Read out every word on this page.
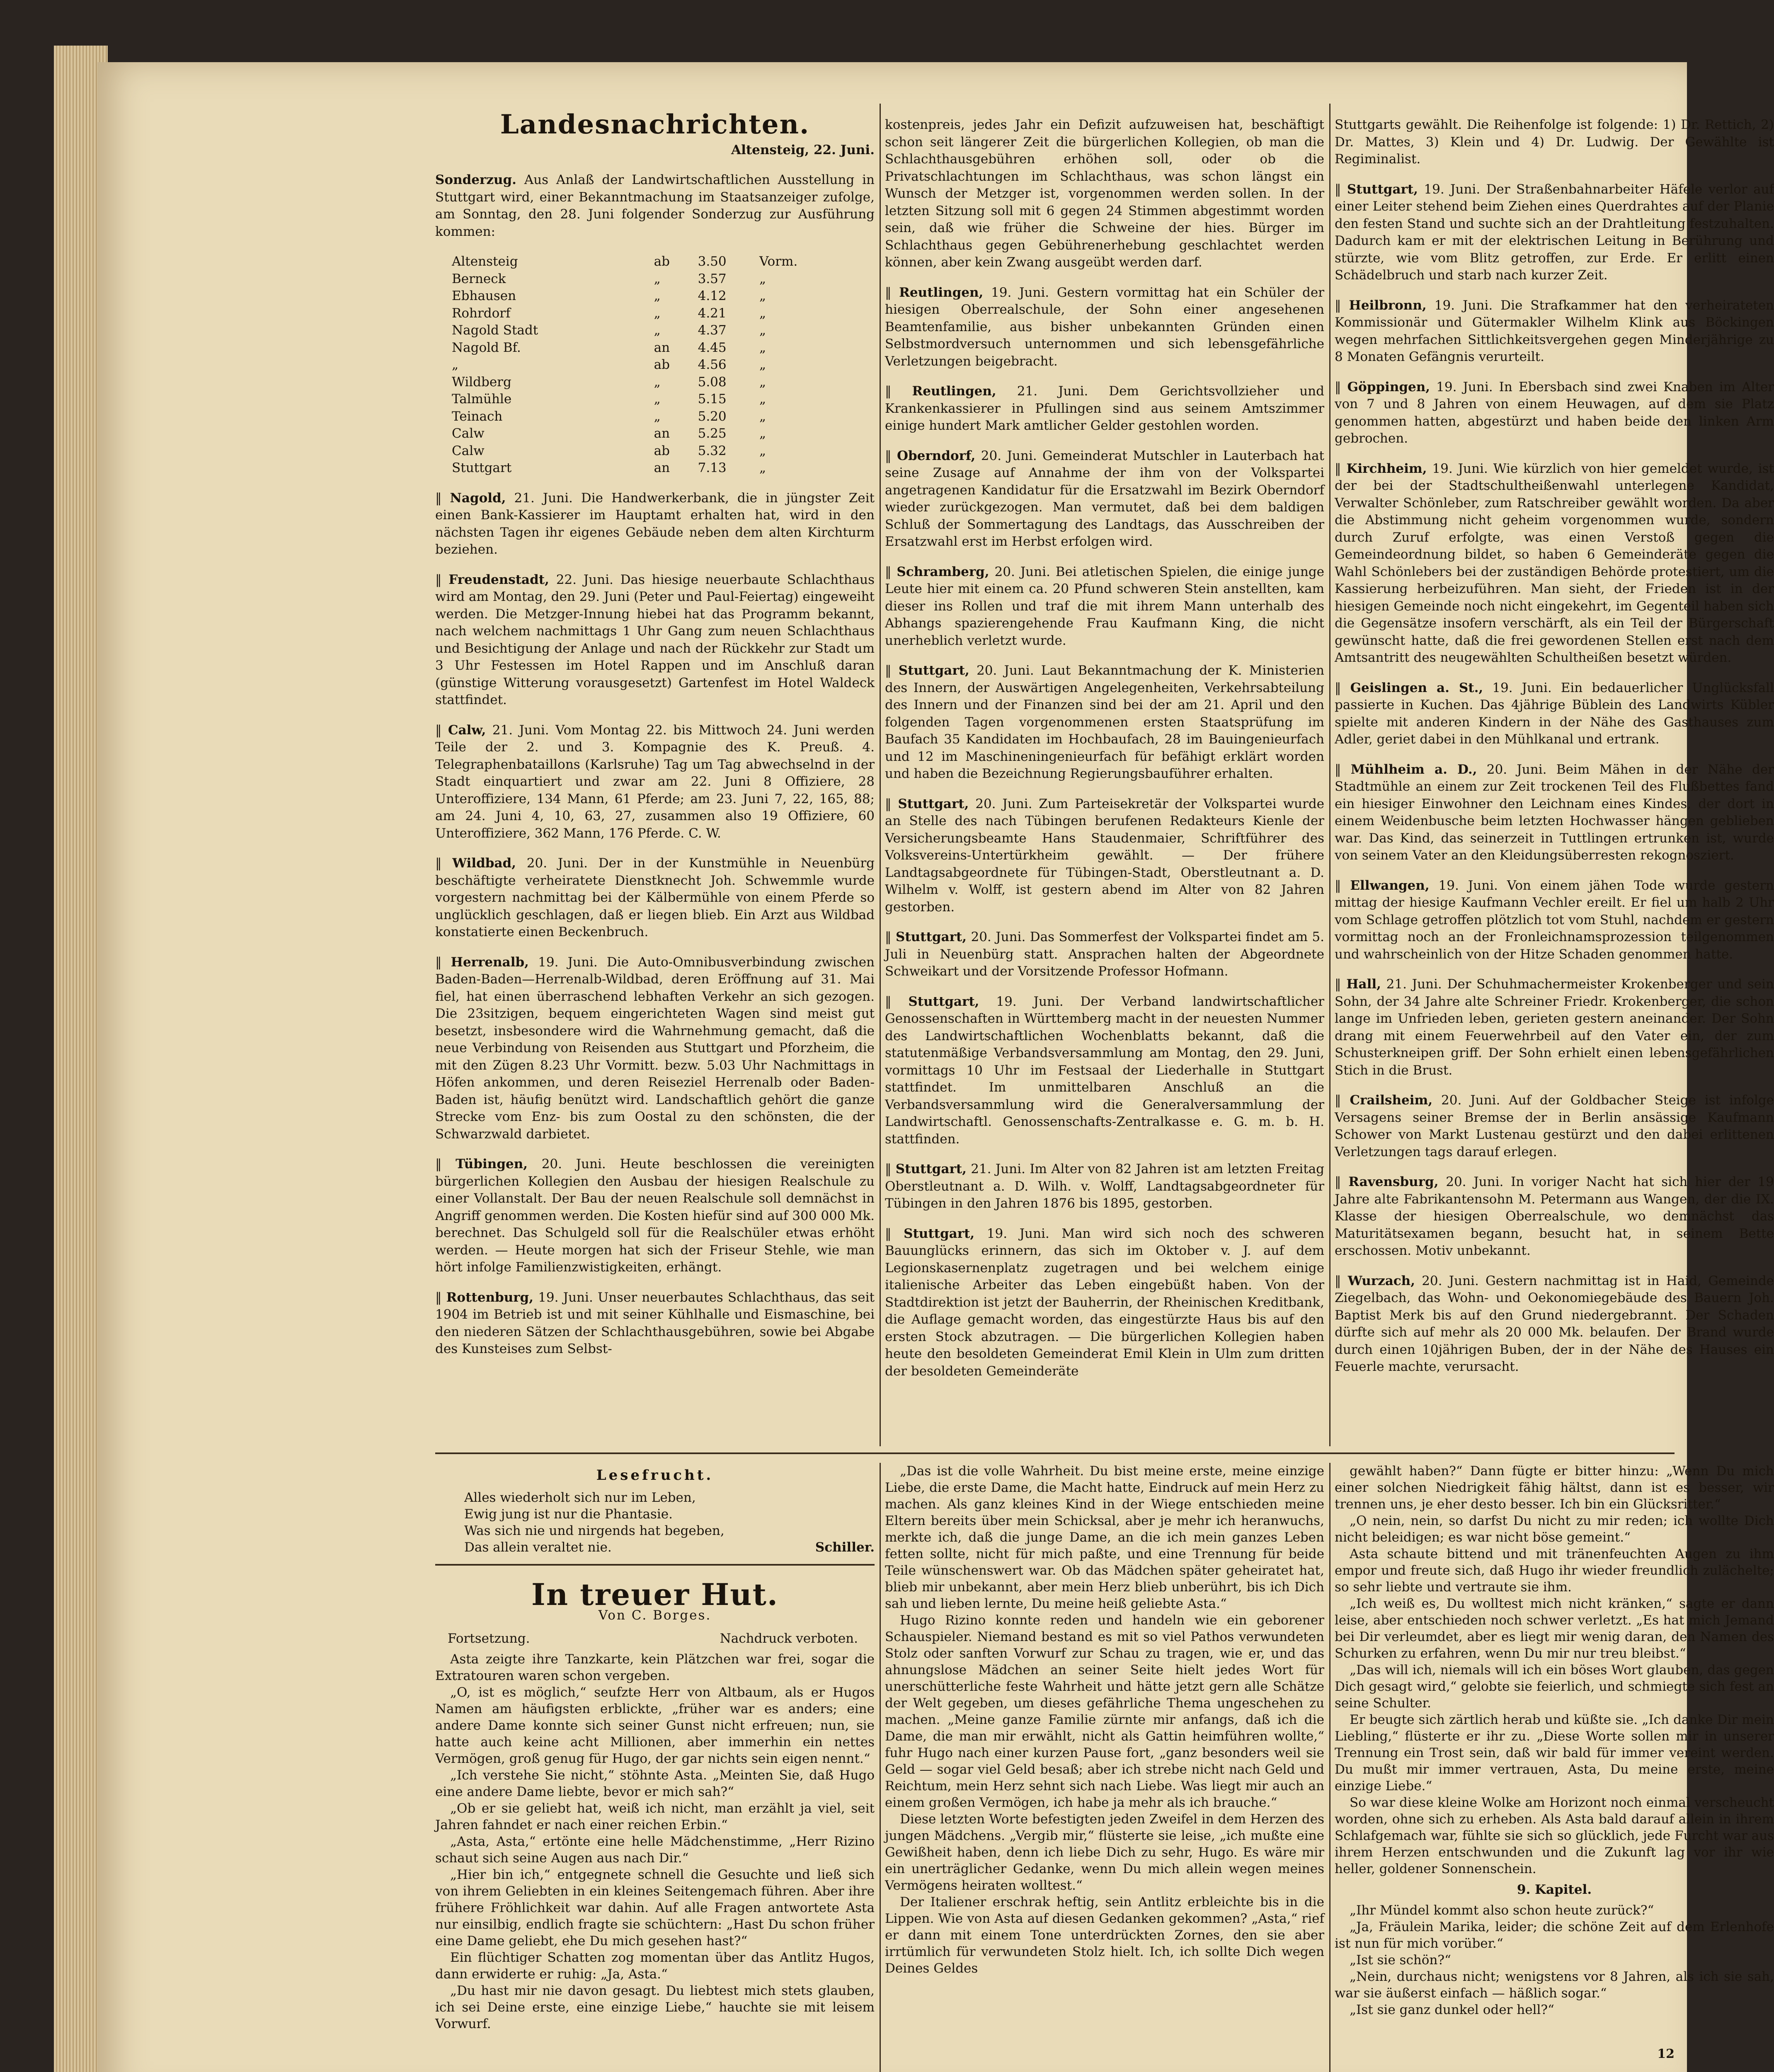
Landesnachrichten.
Altensteig, 22. Juni.

Sonderzug. Aus Anlaß der Landwirtschaftlichen Ausstellung in Stuttgart wird, einer Bekanntmachung im Staatsanzeiger zufolge, am Sonntag, den 28. Juni folgender Sonderzug zur Ausführung kommen:

Altensteig	ab	3.50	Vorm.
Berneck	„	3.57	„
Ebhausen	„	4.12	„
Rohrdorf	„	4.21	„
Nagold Stadt	„	4.37	„
Nagold Bf.	an	4.45	„
„	ab	4.56	„
Wildberg	„	5.08	„
Talmühle	„	5.15	„
Teinach	„	5.20	„
Calw	an	5.25	„
Calw	ab	5.32	„
Stuttgart	an	7.13	„

‖ Nagold, 21. Juni. Die Handwerkerbank, die in jüngster Zeit einen Bank-Kassierer im Hauptamt erhalten hat, wird in den nächsten Tagen ihr eigenes Gebäude neben dem alten Kirchturm beziehen.

‖ Freudenstadt, 22. Juni. Das hiesige neuerbaute Schlachthaus wird am Montag, den 29. Juni (Peter und Paul-Feiertag) eingeweiht werden. Die Metzger-Innung hiebei hat das Programm bekannt, nach welchem nachmittags 1 Uhr Gang zum neuen Schlachthaus und Besichtigung der Anlage und nach der Rückkehr zur Stadt um 3 Uhr Festessen im Hotel Rappen und im Anschluß daran (günstige Witterung vorausgesetzt) Gartenfest im Hotel Waldeck stattfindet.

‖ Calw, 21. Juni. Vom Montag 22. bis Mittwoch 24. Juni werden Teile der 2. und 3. Kompagnie des K. Preuß. 4. Telegraphenbataillons (Karlsruhe) Tag um Tag abwechselnd in der Stadt einquartiert und zwar am 22. Juni 8 Offiziere, 28 Unteroffiziere, 134 Mann, 61 Pferde; am 23. Juni 7, 22, 165, 88; am 24. Juni 4, 10, 63, 27, zusammen also 19 Offiziere, 60 Unteroffiziere, 362 Mann, 176 Pferde. C. W.

‖ Wildbad, 20. Juni. Der in der Kunstmühle in Neuenbürg beschäftigte verheiratete Dienstknecht Joh. Schwemmle wurde vorgestern nachmittag bei der Kälbermühle von einem Pferde so unglücklich geschlagen, daß er liegen blieb. Ein Arzt aus Wildbad konstatierte einen Beckenbruch.

‖ Herrenalb, 19. Juni. Die Auto-Omnibusverbindung zwischen Baden-Baden—Herrenalb-Wildbad, deren Eröffnung auf 31. Mai fiel, hat einen überraschend lebhaften Verkehr an sich gezogen. Die 23sitzigen, bequem eingerichteten Wagen sind meist gut besetzt, insbesondere wird die Wahrnehmung gemacht, daß die neue Verbindung von Reisenden aus Stuttgart und Pforzheim, die mit den Zügen 8.23 Uhr Vormitt. bezw. 5.03 Uhr Nachmittags in Höfen ankommen, und deren Reiseziel Herrenalb oder Baden-Baden ist, häufig benützt wird. Landschaftlich gehört die ganze Strecke vom Enz- bis zum Oostal zu den schönsten, die der Schwarzwald darbietet.

‖ Tübingen, 20. Juni. Heute beschlossen die vereinigten bürgerlichen Kollegien den Ausbau der hiesigen Realschule zu einer Vollanstalt. Der Bau der neuen Realschule soll demnächst in Angriff genommen werden. Die Kosten hiefür sind auf 300 000 Mk. berechnet. Das Schulgeld soll für die Realschüler etwas erhöht werden. — Heute morgen hat sich der Friseur Stehle, wie man hört infolge Familienzwistigkeiten, erhängt.

‖ Rottenburg, 19. Juni. Unser neuerbautes Schlachthaus, das seit 1904 im Betrieb ist und mit seiner Kühlhalle und Eismaschine, bei den niederen Sätzen der Schlachthausgebühren, sowie bei Abgabe des Kunsteises zum Selbst-

kostenpreis, jedes Jahr ein Defizit aufzuweisen hat, beschäftigt schon seit längerer Zeit die bürgerlichen Kollegien, ob man die Schlachthausgebühren erhöhen soll, oder ob die Privatschlachtungen im Schlachthaus, was schon längst ein Wunsch der Metzger ist, vorgenommen werden sollen. In der letzten Sitzung soll mit 6 gegen 24 Stimmen abgestimmt worden sein, daß wie früher die Schweine der hies. Bürger im Schlachthaus gegen Gebührenerhebung geschlachtet werden können, aber kein Zwang ausgeübt werden darf.

‖ Reutlingen, 19. Juni. Gestern vormittag hat ein Schüler der hiesigen Oberrealschule, der Sohn einer angesehenen Beamtenfamilie, aus bisher unbekannten Gründen einen Selbstmordversuch unternommen und sich lebensgefährliche Verletzungen beigebracht.

‖ Reutlingen, 21. Juni. Dem Gerichtsvollzieher und Krankenkassierer in Pfullingen sind aus seinem Amtszimmer einige hundert Mark amtlicher Gelder gestohlen worden.

‖ Oberndorf, 20. Juni. Gemeinderat Mutschler in Lauterbach hat seine Zusage auf Annahme der ihm von der Volkspartei angetragenen Kandidatur für die Ersatzwahl im Bezirk Oberndorf wieder zurückgezogen. Man vermutet, daß bei dem baldigen Schluß der Sommertagung des Landtags, das Ausschreiben der Ersatzwahl erst im Herbst erfolgen wird.

‖ Schramberg, 20. Juni. Bei atletischen Spielen, die einige junge Leute hier mit einem ca. 20 Pfund schweren Stein anstellten, kam dieser ins Rollen und traf die mit ihrem Mann unterhalb des Abhangs spazierengehende Frau Kaufmann King, die nicht unerheblich verletzt wurde.

‖ Stuttgart, 20. Juni. Laut Bekanntmachung der K. Ministerien des Innern, der Auswärtigen Angelegenheiten, Verkehrsabteilung des Innern und der Finanzen sind bei der am 21. April und den folgenden Tagen vorgenommenen ersten Staatsprüfung im Baufach 35 Kandidaten im Hochbaufach, 28 im Bauingenieurfach und 12 im Maschineningenieurfach für befähigt erklärt worden und haben die Bezeichnung Regierungsbauführer erhalten.

‖ Stuttgart, 20. Juni. Zum Parteisekretär der Volkspartei wurde an Stelle des nach Tübingen berufenen Redakteurs Kienle der Versicherungsbeamte Hans Staudenmaier, Schriftführer des Volksvereins-Untertürkheim gewählt. — Der frühere Landtagsabgeordnete für Tübingen-Stadt, Oberstleutnant a. D. Wilhelm v. Wolff, ist gestern abend im Alter von 82 Jahren gestorben.

‖ Stuttgart, 20. Juni. Das Sommerfest der Volkspartei findet am 5. Juli in Neuenbürg statt. Ansprachen halten der Abgeordnete Schweikart und der Vorsitzende Professor Hofmann.

‖ Stuttgart, 19. Juni. Der Verband landwirtschaftlicher Genossenschaften in Württemberg macht in der neuesten Nummer des Landwirtschaftlichen Wochenblatts bekannt, daß die statutenmäßige Verbandsversammlung am Montag, den 29. Juni, vormittags 10 Uhr im Festsaal der Liederhalle in Stuttgart stattfindet. Im unmittelbaren Anschluß an die Verbandsversammlung wird die Generalversammlung der Landwirtschaftl. Genossenschafts-Zentralkasse e. G. m. b. H. stattfinden.

‖ Stuttgart, 21. Juni. Im Alter von 82 Jahren ist am letzten Freitag Oberstleutnant a. D. Wilh. v. Wolff, Landtagsabgeordneter für Tübingen in den Jahren 1876 bis 1895, gestorben.

‖ Stuttgart, 19. Juni. Man wird sich noch des schweren Bauunglücks erinnern, das sich im Oktober v. J. auf dem Legionskasernenplatz zugetragen und bei welchem einige italienische Arbeiter das Leben eingebüßt haben. Von der Stadtdirektion ist jetzt der Bauherrin, der Rheinischen Kreditbank, die Auflage gemacht worden, das eingestürzte Haus bis auf den ersten Stock abzutragen. — Die bürgerlichen Kollegien haben heute den besoldeten Gemeinderat Emil Klein in Ulm zum dritten der besoldeten Gemeinderäte

Stuttgarts gewählt. Die Reihenfolge ist folgende: 1) Dr. Rettich, 2) Dr. Mattes, 3) Klein und 4) Dr. Ludwig. Der Gewählte ist Regiminalist.

‖ Stuttgart, 19. Juni. Der Straßenbahnarbeiter Häfele verlor auf einer Leiter stehend beim Ziehen eines Querdrahtes auf der Planie den festen Stand und suchte sich an der Drahtleitung festzuhalten. Dadurch kam er mit der elektrischen Leitung in Berührung und stürzte, wie vom Blitz getroffen, zur Erde. Er erlitt einen Schädelbruch und starb nach kurzer Zeit.

‖ Heilbronn, 19. Juni. Die Strafkammer hat den verheirateten Kommissionär und Gütermakler Wilhelm Klink aus Böckingen wegen mehrfachen Sittlichkeitsvergehen gegen Minderjährige zu 8 Monaten Gefängnis verurteilt.

‖ Göppingen, 19. Juni. In Ebersbach sind zwei Knaben im Alter von 7 und 8 Jahren von einem Heuwagen, auf dem sie Platz genommen hatten, abgestürzt und haben beide den linken Arm gebrochen.

‖ Kirchheim, 19. Juni. Wie kürzlich von hier gemeldet wurde, ist der bei der Stadtschultheißenwahl unterlegene Kandidat, Verwalter Schönleber, zum Ratschreiber gewählt worden. Da aber die Abstimmung nicht geheim vorgenommen wurde, sondern durch Zuruf erfolgte, was einen Verstoß gegen die Gemeindeordnung bildet, so haben 6 Gemeinderäte gegen die Wahl Schönlebers bei der zuständigen Behörde protestiert, um die Kassierung herbeizuführen. Man sieht, der Frieden ist in der hiesigen Gemeinde noch nicht eingekehrt, im Gegenteil haben sich die Gegensätze insofern verschärft, als ein Teil der Bürgerschaft gewünscht hatte, daß die frei gewordenen Stellen erst nach dem Amtsantritt des neugewählten Schultheißen besetzt würden.

‖ Geislingen a. St., 19. Juni. Ein bedauerlicher Unglücksfall passierte in Kuchen. Das 4jährige Büblein des Landwirts Kübler spielte mit anderen Kindern in der Nähe des Gasthauses zum Adler, geriet dabei in den Mühlkanal und ertrank.

‖ Mühlheim a. D., 20. Juni. Beim Mähen in der Nähe der Stadtmühle an einem zur Zeit trockenen Teil des Flußbettes fand ein hiesiger Einwohner den Leichnam eines Kindes, der dort in einem Weidenbusche beim letzten Hochwasser hängen geblieben war. Das Kind, das seinerzeit in Tuttlingen ertrunken ist, wurde von seinem Vater an den Kleidungsüberresten rekognosziert.

‖ Ellwangen, 19. Juni. Von einem jähen Tode wurde gestern mittag der hiesige Kaufmann Vechler ereilt. Er fiel um halb 2 Uhr vom Schlage getroffen plötzlich tot vom Stuhl, nachdem er gestern vormittag noch an der Fronleichnamsprozession teilgenommen und wahrscheinlich von der Hitze Schaden genommen hatte.

‖ Hall, 21. Juni. Der Schuhmachermeister Krokenberger und sein Sohn, der 34 Jahre alte Schreiner Friedr. Krokenberger, die schon lange im Unfrieden leben, gerieten gestern aneinander. Der Sohn drang mit einem Feuerwehrbeil auf den Vater ein, der zum Schusterkneipen griff. Der Sohn erhielt einen lebensgefährlichen Stich in die Brust.

‖ Crailsheim, 20. Juni. Auf der Goldbacher Steige ist infolge Versagens seiner Bremse der in Berlin ansässige Kaufmann Schower von Markt Lustenau gestürzt und den dabei erlittenen Verletzungen tags darauf erlegen.

‖ Ravensburg, 20. Juni. In voriger Nacht hat sich hier der 19 Jahre alte Fabrikantensohn M. Petermann aus Wangen, der die IX. Klasse der hiesigen Oberrealschule, wo demnächst das Maturitätsexamen begann, besucht hat, in seinem Bette erschossen. Motiv unbekannt.

‖ Wurzach, 20. Juni. Gestern nachmittag ist in Haid, Gemeinde Ziegelbach, das Wohn- und Oekonomiegebäude des Bauern Joh. Baptist Merk bis auf den Grund niedergebrannt. Der Schaden dürfte sich auf mehr als 20 000 Mk. belaufen. Der Brand wurde durch einen 10jährigen Buben, der in der Nähe des Hauses ein Feuerle machte, verursacht.

Lesefrucht.
Alles wiederholt sich nur im Leben,
Ewig jung ist nur die Phantasie.
Was sich nie und nirgends hat begeben,
Das allein veraltet nie.	Schiller.
In treuer Hut.
Von C. Borges.
Fortsetzung.	Nachdruck verboten.

Asta zeigte ihre Tanzkarte, kein Plätzchen war frei, sogar die Extratouren waren schon vergeben.

„O, ist es möglich,“ seufzte Herr von Altbaum, als er Hugos Namen am häufigsten erblickte, „früher war es anders; eine andere Dame konnte sich seiner Gunst nicht erfreuen; nun, sie hatte auch keine acht Millionen, aber immerhin ein nettes Vermögen, groß genug für Hugo, der gar nichts sein eigen nennt.“

„Ich verstehe Sie nicht,“ stöhnte Asta. „Meinten Sie, daß Hugo eine andere Dame liebte, bevor er mich sah?“

„Ob er sie geliebt hat, weiß ich nicht, man erzählt ja viel, seit Jahren fahndet er nach einer reichen Erbin.“

„Asta, Asta,“ ertönte eine helle Mädchenstimme, „Herr Rizino schaut sich seine Augen aus nach Dir.“

„Hier bin ich,“ entgegnete schnell die Gesuchte und ließ sich von ihrem Geliebten in ein kleines Seitengemach führen. Aber ihre frühere Fröhlichkeit war dahin. Auf alle Fragen antwortete Asta nur einsilbig, endlich fragte sie schüchtern: „Hast Du schon früher eine Dame geliebt, ehe Du mich gesehen hast?“

Ein flüchtiger Schatten zog momentan über das Antlitz Hugos, dann erwiderte er ruhig: „Ja, Asta.“

„Du hast mir nie davon gesagt. Du liebtest mich stets glauben, ich sei Deine erste, eine einzige Liebe,“ hauchte sie mit leisem Vorwurf.

„Das ist die volle Wahrheit. Du bist meine erste, meine einzige Liebe, die erste Dame, die Macht hatte, Eindruck auf mein Herz zu machen. Als ganz kleines Kind in der Wiege entschieden meine Eltern bereits über mein Schicksal, aber je mehr ich heranwuchs, merkte ich, daß die junge Dame, an die ich mein ganzes Leben fetten sollte, nicht für mich paßte, und eine Trennung für beide Teile wünschenswert war. Ob das Mädchen später geheiratet hat, blieb mir unbekannt, aber mein Herz blieb unberührt, bis ich Dich sah und lieben lernte, Du meine heiß geliebte Asta.“

Hugo Rizino konnte reden und handeln wie ein geborener Schauspieler. Niemand bestand es mit so viel Pathos verwundeten Stolz oder sanften Vorwurf zur Schau zu tragen, wie er, und das ahnungslose Mädchen an seiner Seite hielt jedes Wort für unerschütterliche feste Wahrheit und hätte jetzt gern alle Schätze der Welt gegeben, um dieses gefährliche Thema ungeschehen zu machen. „Meine ganze Familie zürnte mir anfangs, daß ich die Dame, die man mir erwählt, nicht als Gattin heimführen wollte,“ fuhr Hugo nach einer kurzen Pause fort, „ganz besonders weil sie Geld — sogar viel Geld besaß; aber ich strebe nicht nach Geld und Reichtum, mein Herz sehnt sich nach Liebe. Was liegt mir auch an einem großen Vermögen, ich habe ja mehr als ich brauche.“

Diese letzten Worte befestigten jeden Zweifel in dem Herzen des jungen Mädchens. „Vergib mir,“ flüsterte sie leise, „ich mußte eine Gewißheit haben, denn ich liebe Dich zu sehr, Hugo. Es wäre mir ein unerträglicher Gedanke, wenn Du mich allein wegen meines Vermögens heiraten wolltest.“

Der Italiener erschrak heftig, sein Antlitz erbleichte bis in die Lippen. Wie von Asta auf diesen Gedanken gekommen? „Asta,“ rief er dann mit einem Tone unterdrückten Zornes, den sie aber irrtümlich für verwundeten Stolz hielt. Ich, ich sollte Dich wegen Deines Geldes

gewählt haben?“ Dann fügte er bitter hinzu: „Wenn Du mich einer solchen Niedrigkeit fähig hältst, dann ist es besser, wir trennen uns, je eher desto besser. Ich bin ein Glücksritter.“

„O nein, nein, so darfst Du nicht zu mir reden; ich wollte Dich nicht beleidigen; es war nicht böse gemeint.“

Asta schaute bittend und mit tränenfeuchten Augen zu ihm empor und freute sich, daß Hugo ihr wieder freundlich zulächelte; so sehr liebte und vertraute sie ihm.

„Ich weiß es, Du wolltest mich nicht kränken,“ sagte er dann leise, aber entschieden noch schwer verletzt. „Es hat mich Jemand bei Dir verleumdet, aber es liegt mir wenig daran, den Namen des Schurken zu erfahren, wenn Du mir nur treu bleibst.“

„Das will ich, niemals will ich ein böses Wort glauben, das gegen Dich gesagt wird,“ gelobte sie feierlich, und schmiegte sich fest an seine Schulter.

Er beugte sich zärtlich herab und küßte sie. „Ich danke Dir mein Liebling,“ flüsterte er ihr zu. „Diese Worte sollen mir in unserer Trennung ein Trost sein, daß wir bald für immer vereint werden. Du mußt mir immer vertrauen, Asta, Du meine erste, meine einzige Liebe.“

So war diese kleine Wolke am Horizont noch einmal verscheucht worden, ohne sich zu erheben. Als Asta bald darauf allein in ihrem Schlafgemach war, fühlte sie sich so glücklich, jede Furcht war aus ihrem Herzen entschwunden und die Zukunft lag vor ihr wie heller, goldener Sonnenschein.

9. Kapitel.

„Ihr Mündel kommt also schon heute zurück?“

„Ja, Fräulein Marika, leider; die schöne Zeit auf dem Erlenhofe ist nun für mich vorüber.“

„Ist sie schön?“

„Nein, durchaus nicht; wenigstens vor 8 Jahren, als ich sie sah, war sie äußerst einfach — häßlich sogar.“

„Ist sie ganz dunkel oder hell?“

12
